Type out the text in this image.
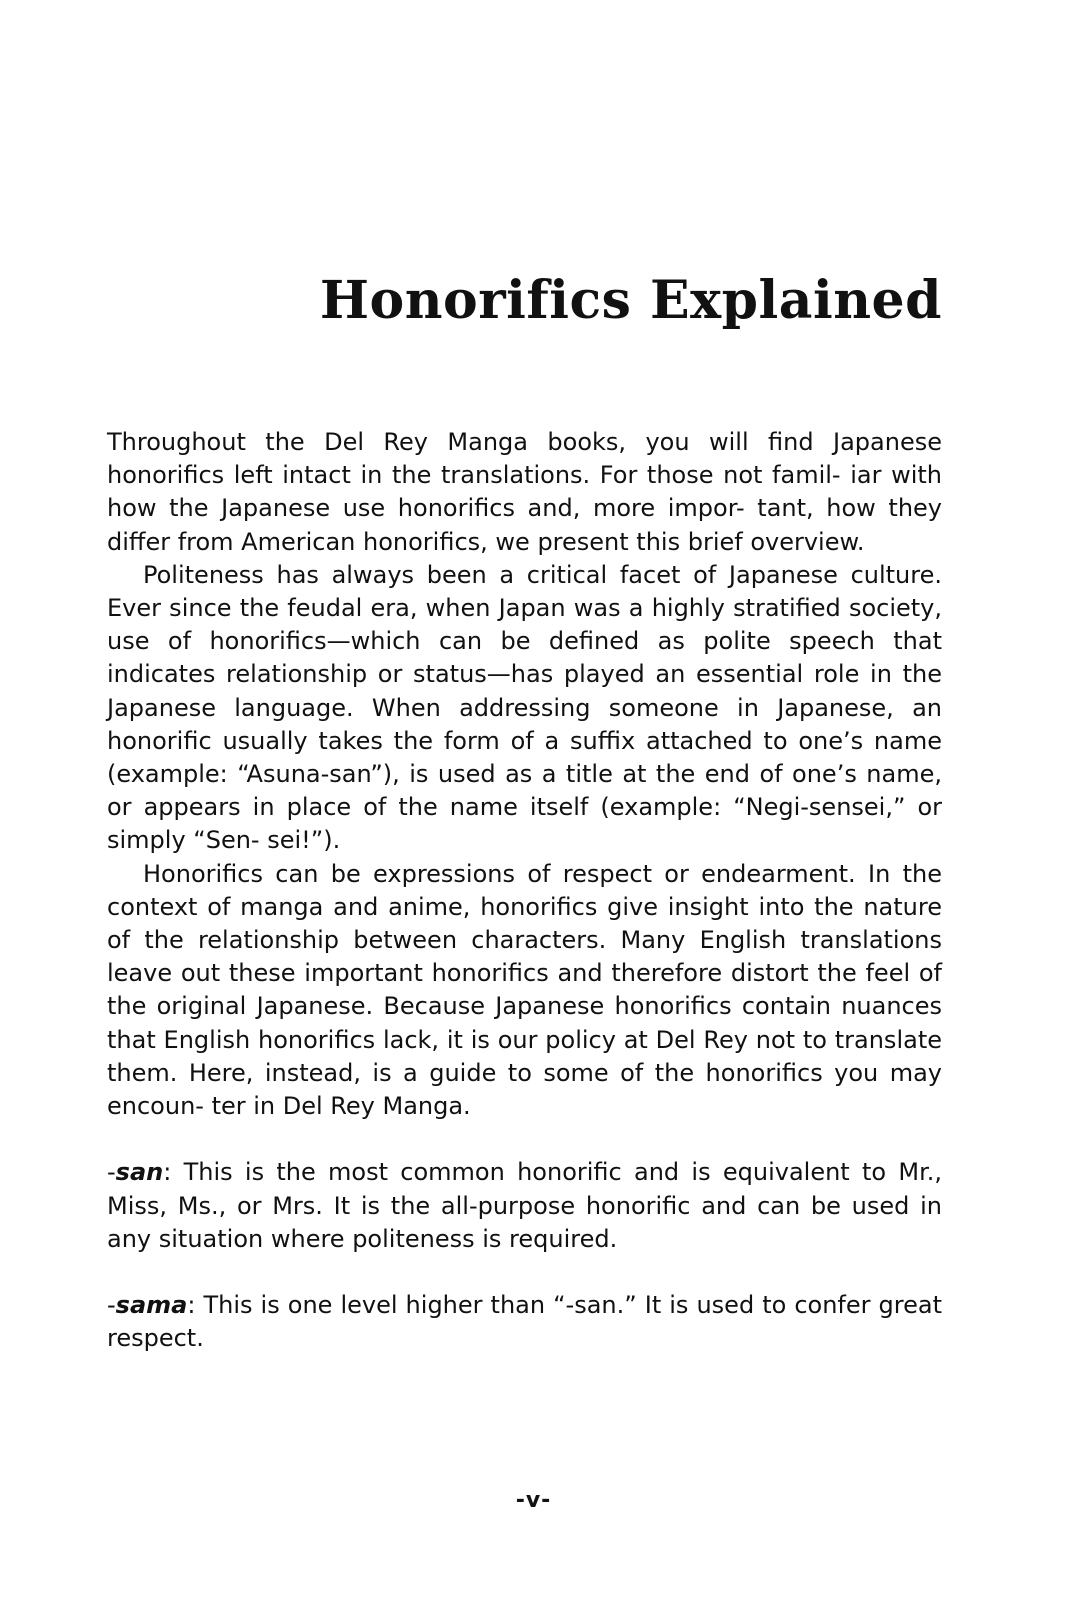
Honorifics Explained

Throughout the Del Rey Manga books, you will find Japanese honorifics left intact in the translations. For those not famil- iar with how the Japanese use honorifics and, more impor- tant, how they differ from American honorifics, we present this brief overview.

Politeness has always been a critical facet of Japanese culture. Ever since the feudal era, when Japan was a highly stratified society, use of honorifics—which can be defined as polite speech that indicates relationship or status—has played an essential role in the Japanese language. When addressing someone in Japanese, an honorific usually takes the form of a suffix attached to one’s name (example: “Asuna-san”), is used as a title at the end of one’s name, or appears in place of the name itself (example: “Negi-sensei,” or simply “Sen- sei!”).

Honorifics can be expressions of respect or endearment. In the context of manga and anime, honorifics give insight into the nature of the relationship between characters. Many English translations leave out these important honorifics and therefore distort the feel of the original Japanese. Because Japanese honorifics contain nuances that English honorifics lack, it is our policy at Del Rey not to translate them. Here, instead, is a guide to some of the honorifics you may encoun- ter in Del Rey Manga.

-san: This is the most common honorific and is equivalent to Mr., Miss, Ms., or Mrs. It is the all-purpose honorific and can be used in any situation where politeness is required.

-sama: This is one level higher than “-san.” It is used to confer great respect.

-v-
